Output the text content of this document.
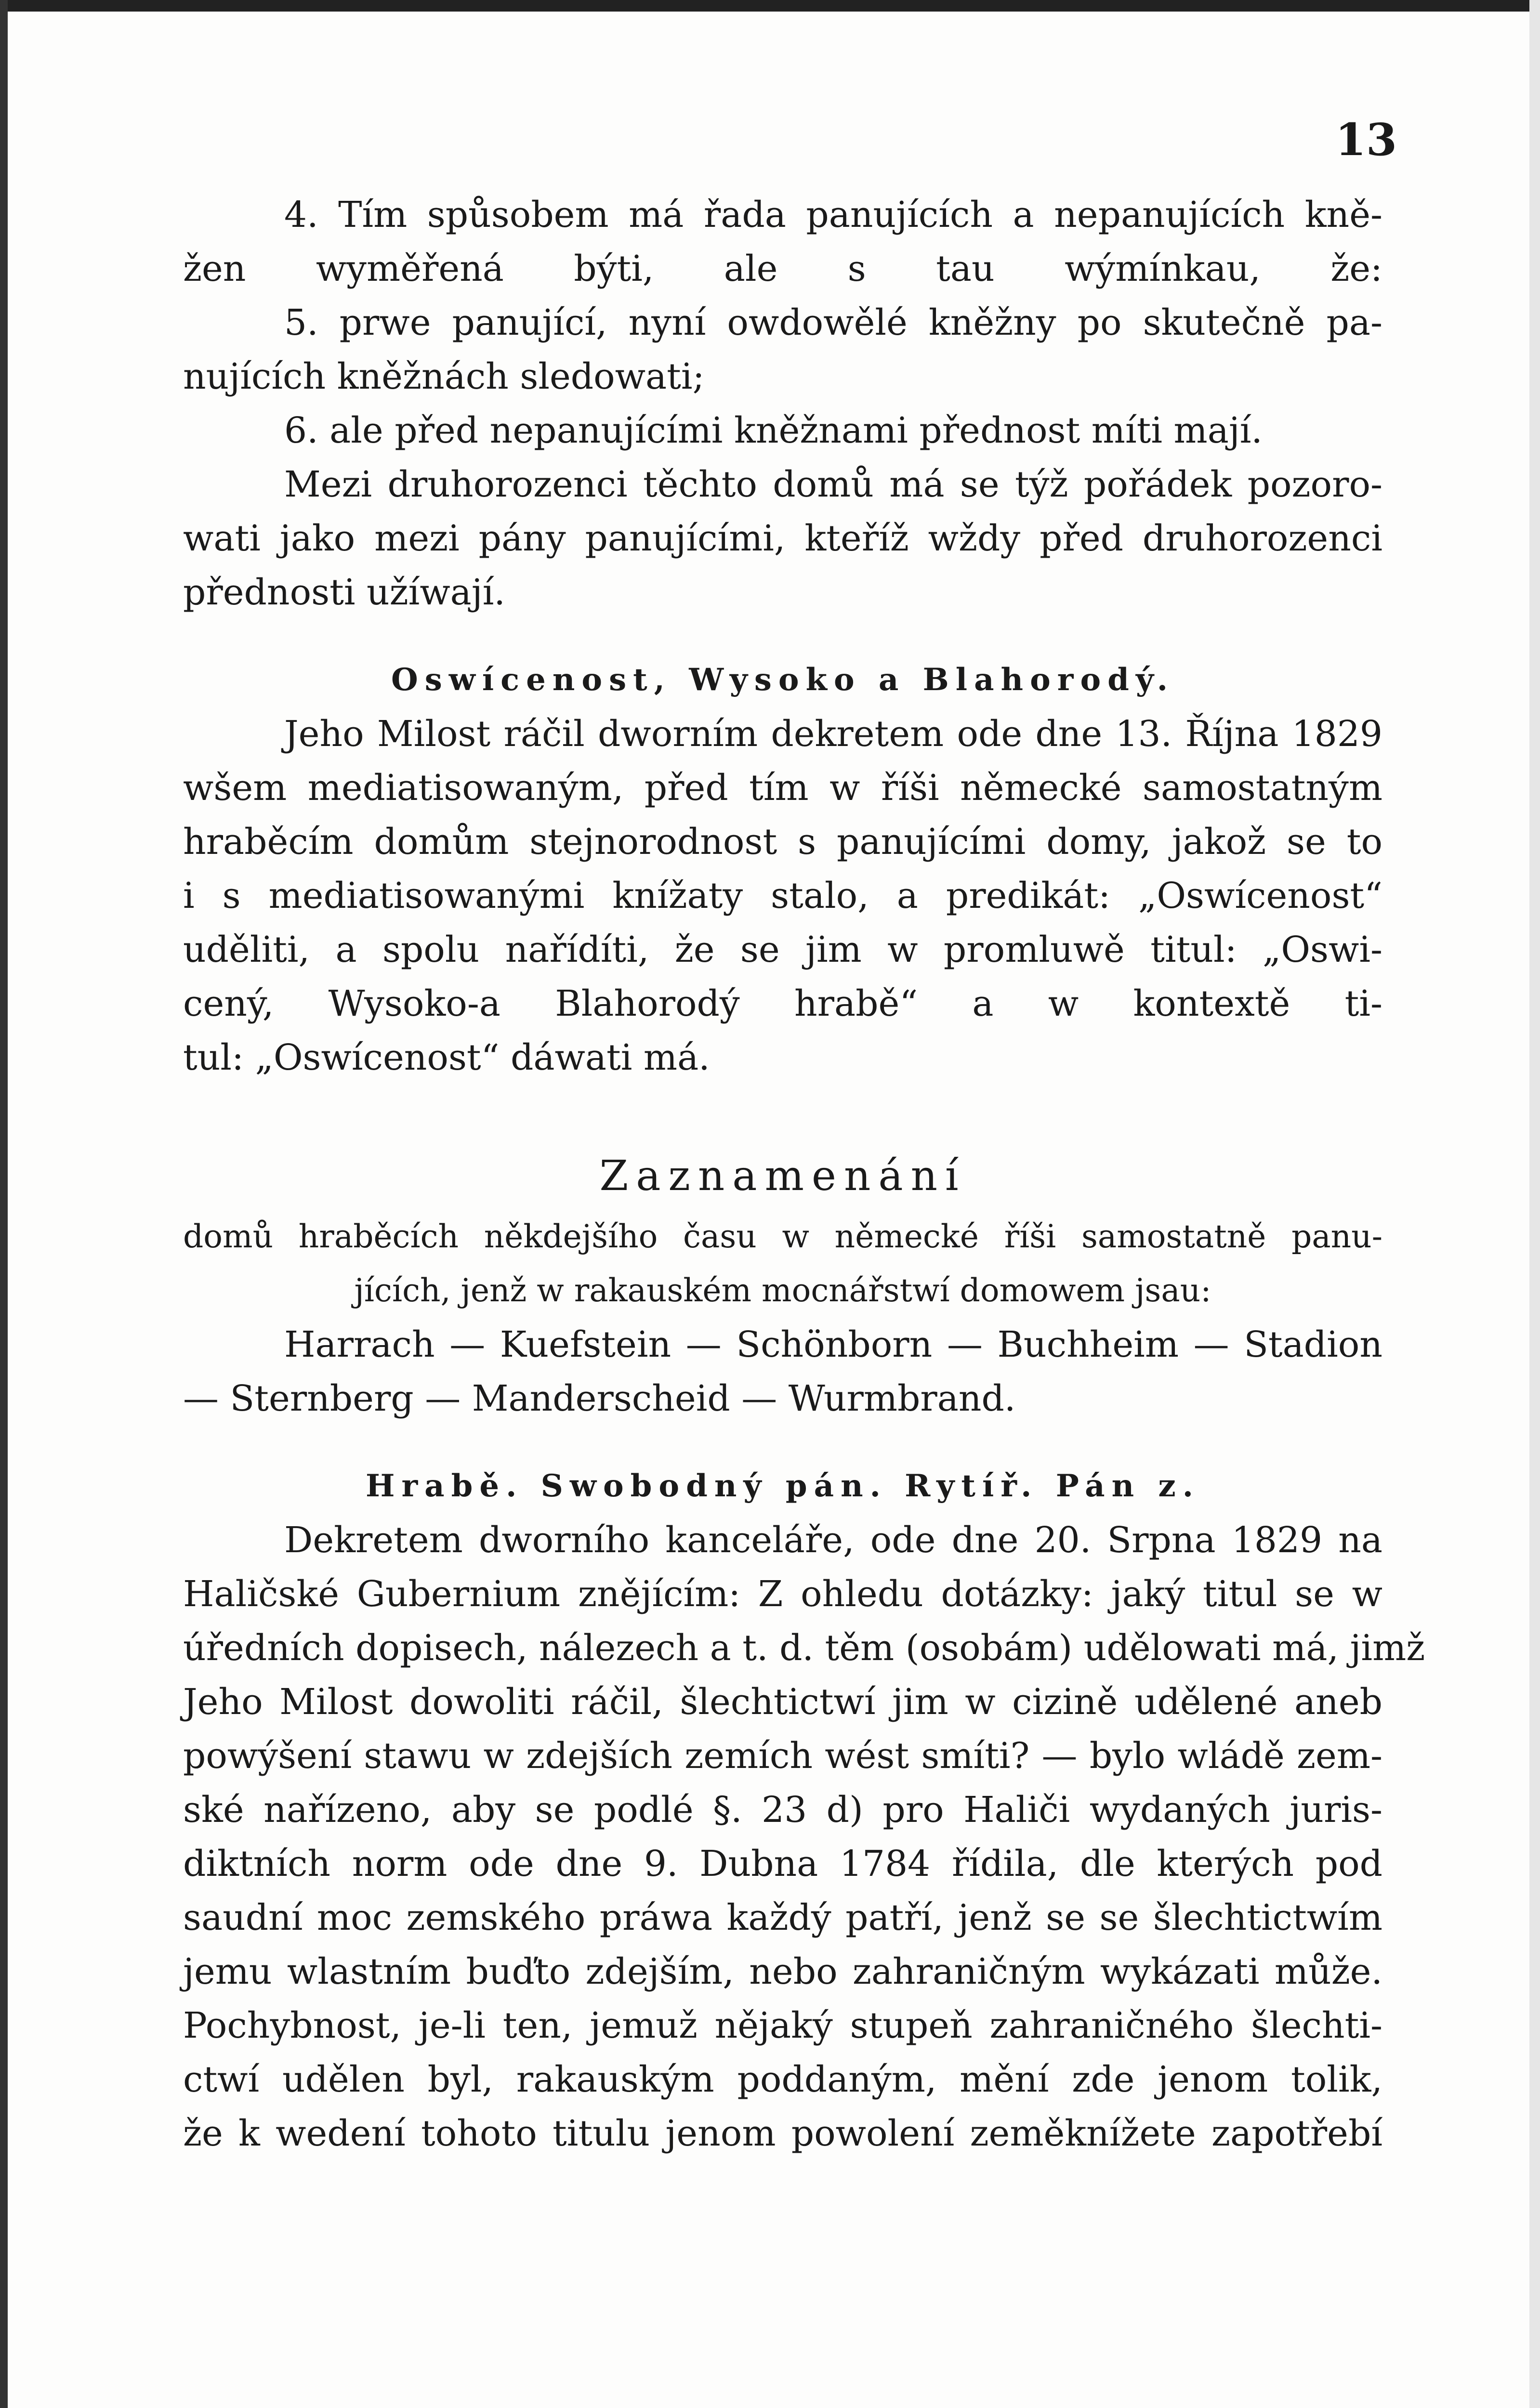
13
4. Tím spůsobem má řada panujících a nepanujících kně-
žen wyměřená býti, ale s tau wýmínkau, že:
5. prwe panující, nyní owdowělé kněžny po skutečně pa-
nujících kněžnách sledowati;
6. ale před nepanujícími kněžnami přednost míti mají.
Mezi druhorozenci těchto domů má se týž pořádek pozoro-
wati jako mezi pány panujícími, kteříž wždy před druhorozenci
přednosti užíwají.
Oswícenost, Wysoko a Blahorodý.
Jeho Milost ráčil dworním dekretem ode dne 13. Října 1829
wšem mediatisowaným, před tím w říši německé samostatným
hraběcím domům stejnorodnost s panujícími domy, jakož se to
i s mediatisowanými knížaty stalo, a predikát: „Oswícenost“
uděliti, a spolu nařídíti, že se jim w promluwě titul: „Oswi-
cený, Wysoko-a Blahorodý hrabě“ a w kontextě ti-
tul: „Oswícenost“ dáwati má.
Zaznamenání
domů hraběcích někdejšího času w německé říši samostatně panu-
jících, jenž w rakauském mocnářstwí domowem jsau:
Harrach — Kuefstein — Schönborn — Buchheim — Stadion
— Sternberg — Manderscheid — Wurmbrand.
Hrabě. Swobodný pán. Rytíř. Pán z.
Dekretem dworního kanceláře, ode dne 20. Srpna 1829 na
Haličské Gubernium znějícím: Z ohledu dotázky: jaký titul se w
úředních dopisech, nálezech a t. d. těm (osobám) udělowati má, jimž
Jeho Milost dowoliti ráčil, šlechtictwí jim w cizině udělené aneb
powýšení stawu w zdejších zemích wést smíti? — bylo wládě zem-
ské nařízeno, aby se podlé §. 23 d) pro Haliči wydaných juris-
diktních norm ode dne 9. Dubna 1784 řídila, dle kterých pod
saudní moc zemského práwa každý patří, jenž se se šlechtictwím
jemu wlastním buďto zdejším, nebo zahraničným wykázati může.
Pochybnost, je-li ten, jemuž nějaký stupeň zahraničného šlechti-
ctwí udělen byl, rakauským poddaným, mění zde jenom tolik,
že k wedení tohoto titulu jenom powolení zeměknížete zapotřebí
